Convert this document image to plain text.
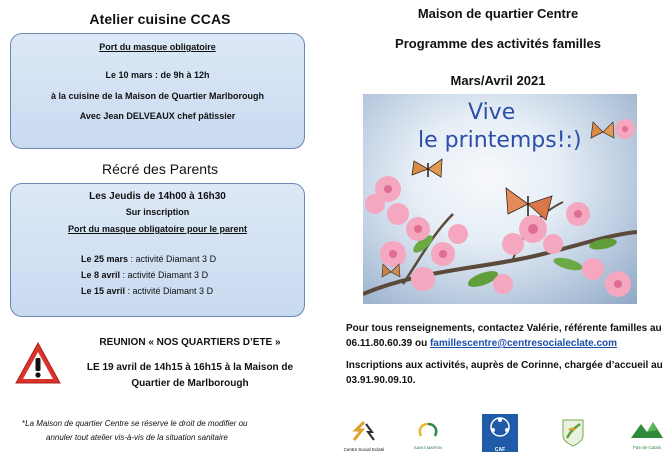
Atelier cuisine CCAS
Port du masque obligatoire
Le 10 mars : de 9h à 12h
à la cuisine de la Maison de Quartier Marlborough
Avec Jean DELVEAUX chef pâtissier
Récré des Parents
Les Jeudis de 14h00 à 16h30
Sur inscription
Port du masque obligatoire pour le parent
Le 25 mars : activité Diamant 3 D
Le 8 avril : activité Diamant 3 D
Le 15 avril : activité Diamant 3 D
REUNION « NOS QUARTIERS D’ETE »
LE 19 avril de 14h15 à 16h15 à la Maison de
Quartier de Marlborough
*La Maison de quartier Centre se réserve le droit de modifier ou
annuler tout atelier vis-à-vis de la situation sanitaire
Maison de quartier Centre
Programme des activités familles
Mars/Avril 2021
Vive
le printemps!:)
Pour tous renseignements, contactez Valérie, référente familles au
06.11.80.60.39 ou famillescentre@centresocialeclate.com
Inscriptions aux activités, auprès de Corinne, chargée d’accueil au
03.91.90.09.10.
Centre Social Eclaté	SAINT-MARTIN	CAF	Pas-de-Calais
